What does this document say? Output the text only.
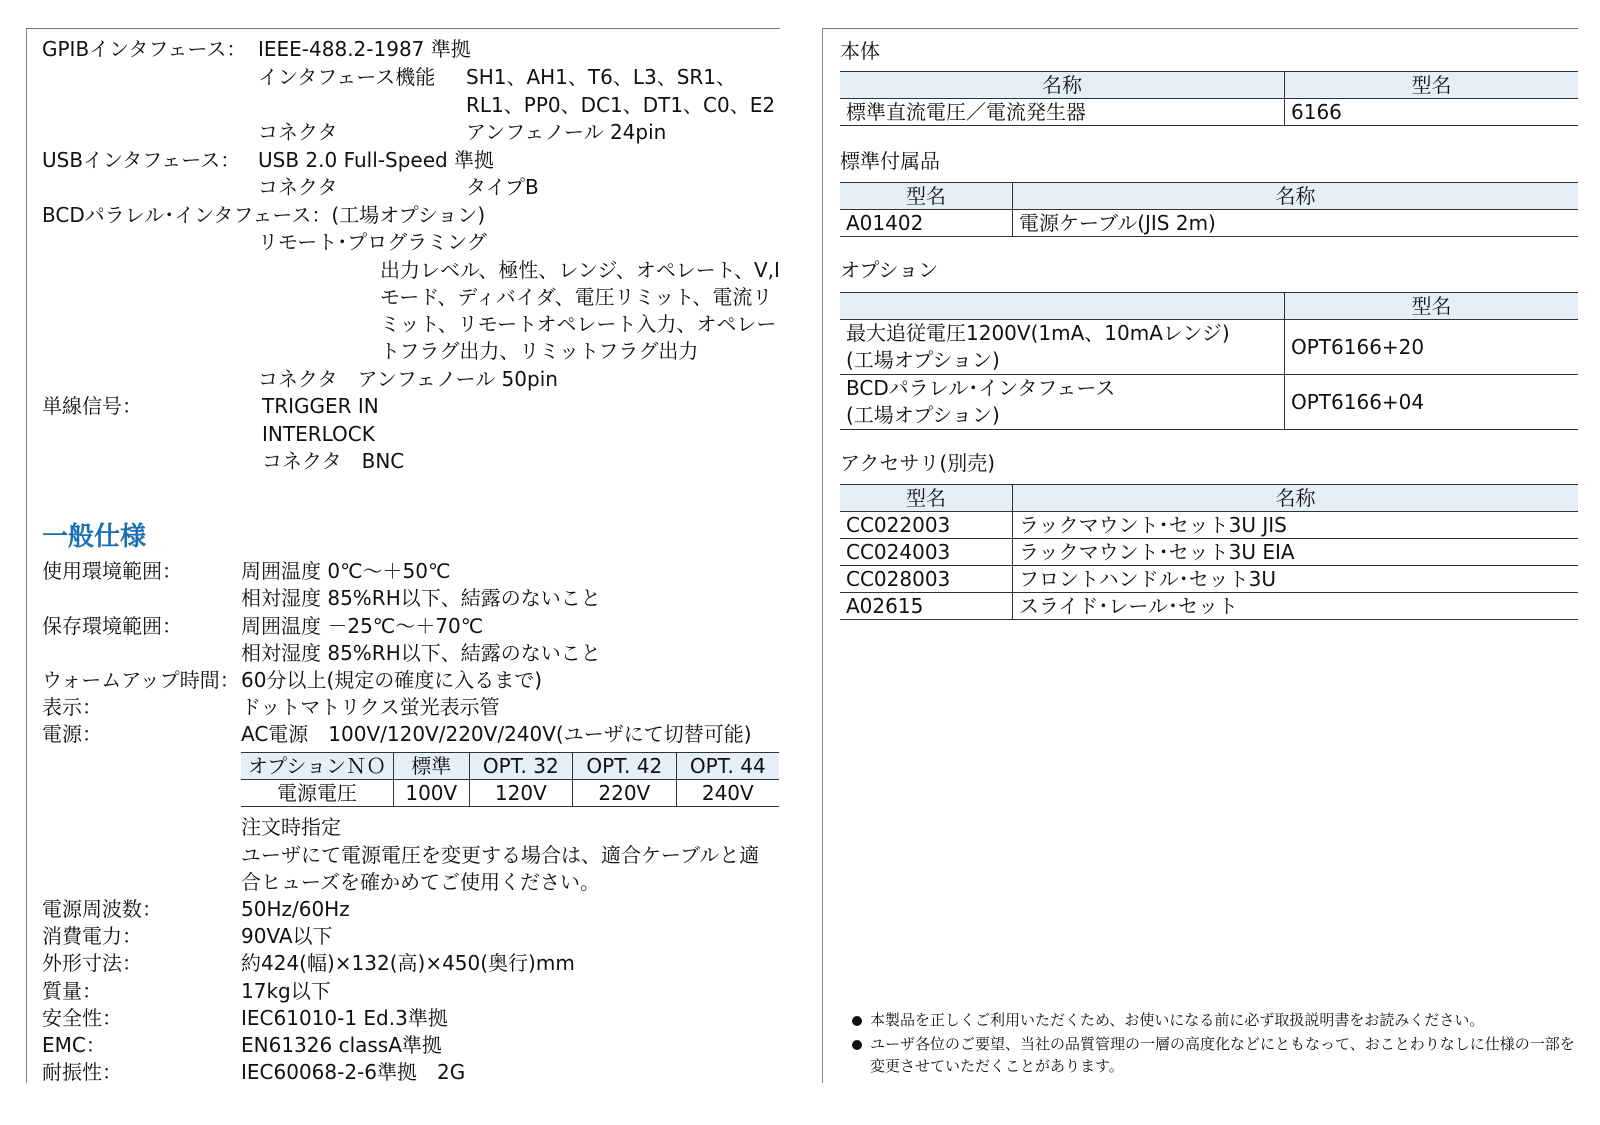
GPIBインタフェース： IEEE-488.2-1987 準拠
インタフェース機能 SH1、AH1、T6、L3、SR1、
RL1、PP0、DC1、DT1、C0、E2
コネクタ	アンフェノール 24pin
USBインタフェース： USB 2.0 Full-Speed 準拠
コネクタ	タイプB
BCDパラレル･インタフェース：(工場オプション)
リモート･プログラミング
出力レベル、極性、レンジ、オペレート、V,I
モード、ディバイダ、電圧リミット、電流リ
ミット、リモートオペレート入力、オペレー
トフラグ出力、リミットフラグ出力
コネクタ　アンフェノール 50pin
単線信号：	TRIGGER IN
INTERLOCK
コネクタ　BNC
一般仕様
使用環境範囲：	周囲温度 0℃～＋50℃
相対湿度 85%RH以下、結露のないこと
保存環境範囲：	周囲温度 －25℃～＋70℃
相対湿度 85%RH以下、結露のないこと
ウォームアップ時間： 60分以上(規定の確度に入るまで)
表示：	ドットマトリクス蛍光表示管
電源：	AC電源　100V/120V/220V/240V(ユーザにて切替可能)
オプションＮＯ	標準	OPT. 32	OPT. 42	OPT. 44
電源電圧	100V	120V	220V	240V
注文時指定
ユーザにて電源電圧を変更する場合は、適合ケーブルと適
合ヒューズを確かめてご使用ください。
電源周波数：	50Hz/60Hz
消費電力：	90VA以下
外形寸法：	約424(幅)×132(高)×450(奥行)mm
質量：	17kg以下
安全性：	IEC61010-1 Ed.3準拠
EMC：	EN61326 classA準拠
耐振性：	IEC60068-2-6準拠　2G
本体
名称	型名
標準直流電圧／電流発生器	6166
標準付属品
型名	名称
A01402	電源ケーブル(JIS 2m)
オプション
	型名
最大追従電圧1200V(1mA、10mAレンジ)
(工場オプション)	OPT6166+20
BCDパラレル･インタフェース
(工場オプション)	OPT6166+04
アクセサリ(別売)
型名	名称
CC022003	ラックマウント･セット3U JIS
CC024003	ラックマウント･セット3U EIA
CC028003	フロントハンドル･セット3U
A02615	スライド･レール･セット
本製品を正しくご利用いただくため、お使いになる前に必ず取扱説明書をお読みください。
ユーザ各位のご要望、当社の品質管理の一層の高度化などにともなって、おことわりなしに仕様の一部を変更させていただくことがあります。
